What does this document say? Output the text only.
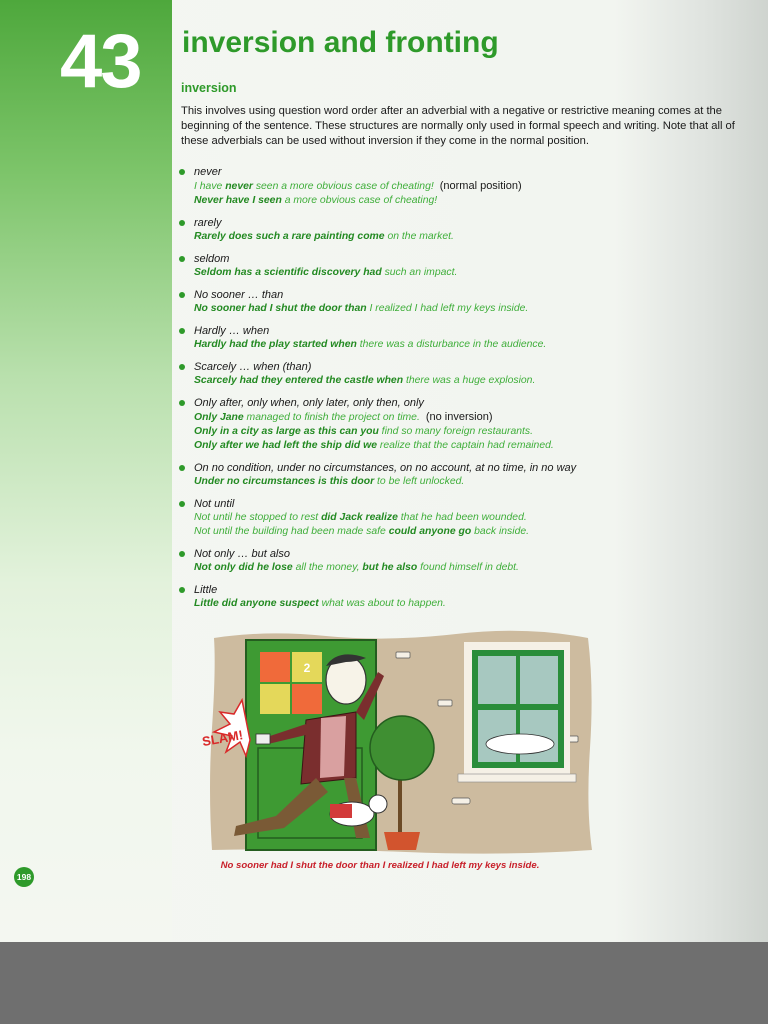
43 inversion and fronting
inversion

This involves using question word order after an adverbial with a negative or restrictive meaning comes at the beginning of the sentence. These structures are normally only used in formal speech and writing. Note that all of these adverbials can be used without inversion if they come in the normal position.

never
I have never seen a more obvious case of cheating! (normal position)
Never have I seen a more obvious case of cheating!
rarely
Rarely does such a rare painting come on the market.
seldom
Seldom has a scientific discovery had such an impact.
No sooner … than
No sooner had I shut the door than I realized I had left my keys inside.
Hardly … when
Hardly had the play started when there was a disturbance in the audience.
Scarcely … when (than)
Scarcely had they entered the castle when there was a huge explosion.
Only after, only when, only later, only then, only
Only Jane managed to finish the project on time. (no inversion)
Only in a city as large as this can you find so many foreign restaurants.
Only after we had left the ship did we realize that the captain had remained.
On no condition, under no circumstances, on no account, at no time, in no way
Under no circumstances is this door to be left unlocked.
Not until
Not until he stopped to rest did Jack realize that he had been wounded.
Not until the building had been made safe could anyone go back inside.
Not only … but also
Not only did he lose all the money, but he also found himself in debt.
Little
Little did anyone suspect what was about to happen.
2
SLAM!

No sooner had I shut the door than I realized I had left my keys inside.

198
